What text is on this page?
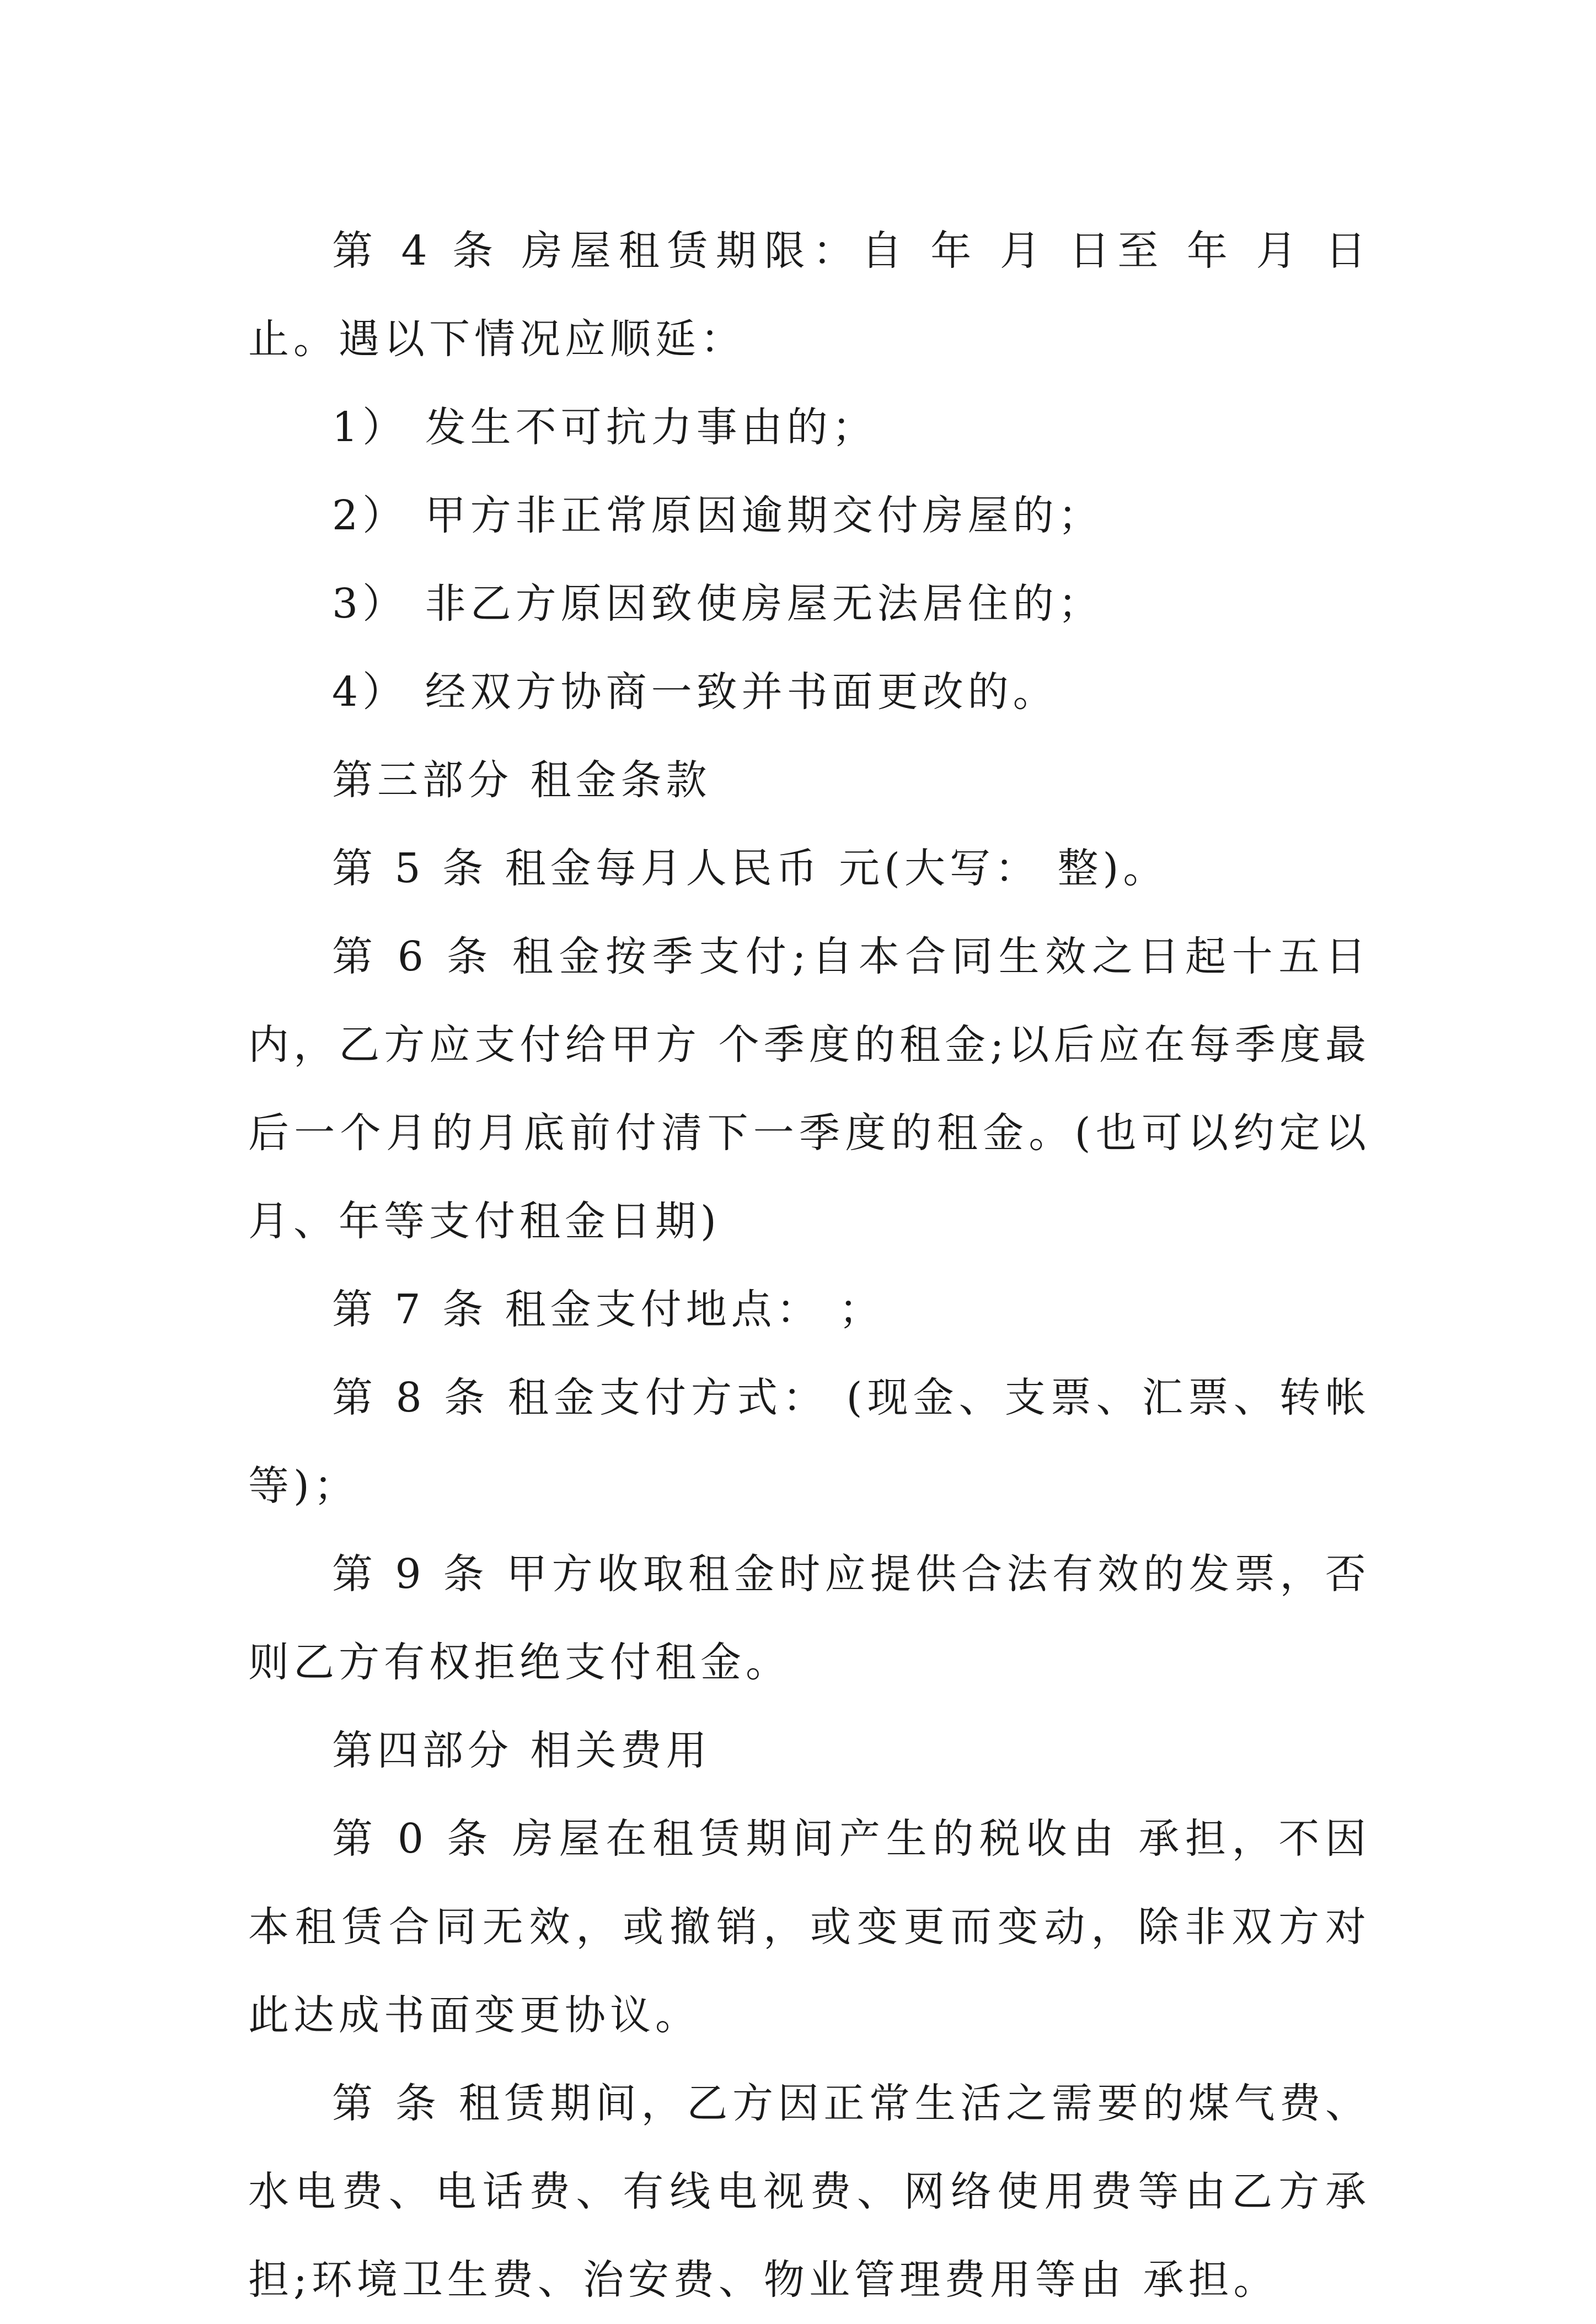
第 4 条 房屋租赁期限：自 年 月 日至 年 月 日止。遇以下情况应顺延：

1） 发生不可抗力事由的；

2） 甲方非正常原因逾期交付房屋的；

3） 非乙方原因致使房屋无法居住的；

4） 经双方协商一致并书面更改的。

第三部分 租金条款

第 5 条 租金每月人民币 元(大写： 整)。

第 6 条 租金按季支付;自本合同生效之日起十五日内，乙方应支付给甲方 个季度的租金;以后应在每季度最后一个月的月底前付清下一季度的租金。(也可以约定以月、年等支付租金日期)

第 7 条 租金支付地点： ；

第 8 条 租金支付方式： (现金、支票、汇票、转帐等)；

第 9 条 甲方收取租金时应提供合法有效的发票，否则乙方有权拒绝支付租金。

第四部分 相关费用

第 0 条 房屋在租赁期间产生的税收由 承担，不因本租赁合同无效，或撤销，或变更而变动，除非双方对此达成书面变更协议。

第 条 租赁期间，乙方因正常生活之需要的煤气费、水电费、电话费、有线电视费、网络使用费等由乙方承担;环境卫生费、治安费、物业管理费用等由 承担。
